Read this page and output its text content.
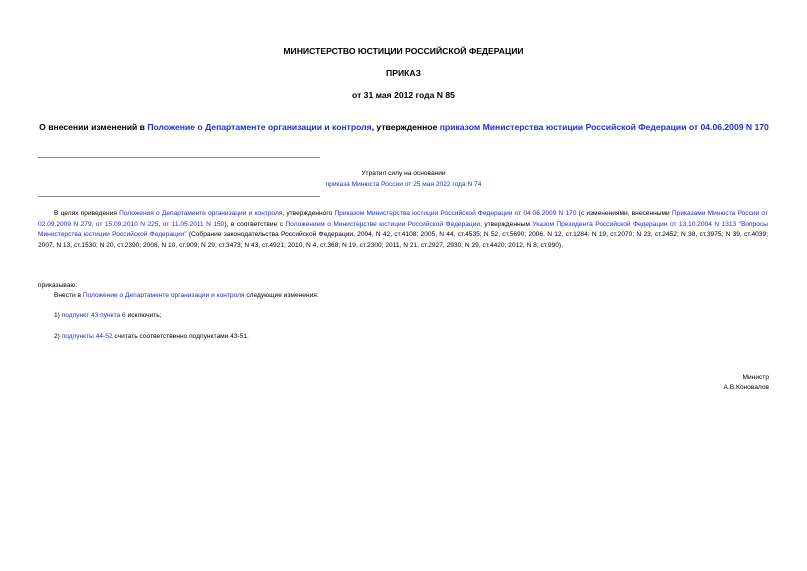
МИНИСТЕРСТВО ЮСТИЦИИ РОССИЙСКОЙ ФЕДЕРАЦИИ
ПРИКАЗ
от 31 мая 2012 года N 85
О внесении изменений в Положение о Департаменте организации и контроля, утвержденное приказом Министерства юстиции Российской Федерации от 04.06.2009 N 170
Утратил силу на основании
приказа Минюста России от 25 мая 2022 года N 74
В целях приведения Положения о Департаменте организации и контроля, утвержденного Приказом Министерства юстиции Российской Федерации от 04.06.2009 N 170 (с изменениями, внесенными Приказами Минюста России от 02.09.2009 N 279, от 15.09.2010 N 225, от 11.05.2011 N 150), в соответствие с Положением о Министерстве юстиции Российской Федерации, утвержденным Указом Президента Российской Федерации от 13.10.2004 N 1313 "Вопросы Министерства юстиции Российской Федерации" (Собрание законодательства Российской Федерации, 2004, N 42, ст.4108; 2005, N 44, ст.4535; N 52, ст.5690; 2006, N 12, ст.1284; N 19, ст.2070; N 23, ст.2452; N 38, ст.3975; N 39, ст.4039; 2007, N 13, ст.1530; N 20, ст.2390; 2008, N 10, ст.909; N 29, ст.3473; N 43, ст.4921; 2010, N 4, ст.368; N 19, ст.2300; 2011, N 21, ст.2927, 2930; N 29, ст.4420; 2012, N 8, ст.990),
приказываю:
Внести в Положение о Департаменте организации и контроля следующие изменения:
1) подпункт 43 пункта 6 исключить;
2) подпункты 44-52 считать соответственно подпунктами 43-51.
Министр
А.В.Коновалов
